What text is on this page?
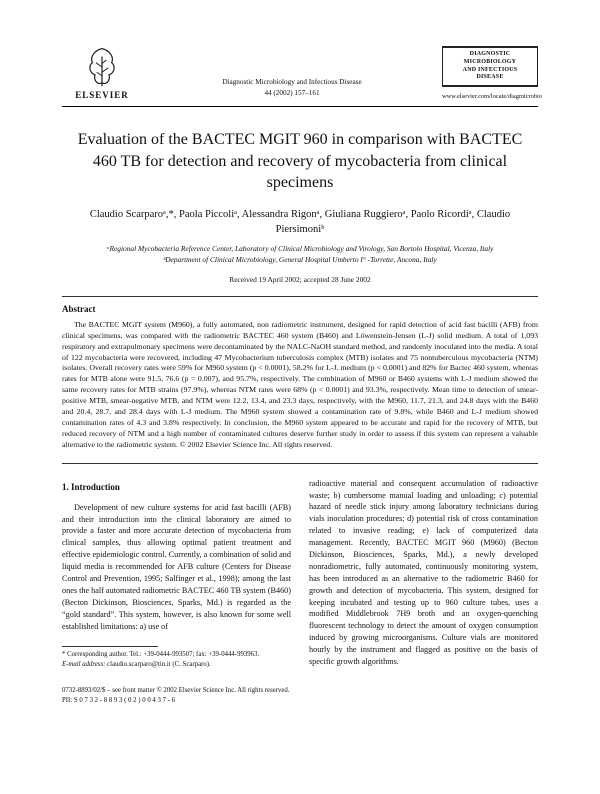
ELSEVIER
Diagnostic Microbiology and Infectious Disease
44 (2002) 157–161
DIAGNOSTIC
MICROBIOLOGY
AND INFECTIOUS
DISEASE
www.elsevier.com/locate/diagmicrobio
Evaluation of the BACTEC MGIT 960 in comparison with BACTEC 460 TB for detection and recovery of mycobacteria from clinical specimens
Claudio Scarparoᵃ,*, Paola Piccoliᵃ, Alessandra Rigonᵃ, Giuliana Ruggieroᵃ, Paolo Ricordiᵃ, Claudio Piersimoniᵇ
ᵃRegional Mycobacteria Reference Center, Laboratory of Clinical Microbiology and Virology, San Bortolo Hospital, Vicenza, Italy
ᵇDepartment of Clinical Microbiology, General Hospital Umberto I° -Torrette, Ancona, Italy
Received 19 April 2002; accepted 28 June 2002
Abstract

The BACTEC MGIT system (M960), a fully automated, non radiometric instrument, designed for rapid detection of acid fast bacilli (AFB) from clinical specimens, was compared with the radiometric BACTEC 460 system (B460) and Löwenstein-Jensen (L-J) solid medium. A total of 1,093 respiratory and extrapulmonary specimens were decontaminated by the NALC-NaOH standard method, and randomly inoculated into the media. A total of 122 mycobacteria were recovered, including 47 Mycobacterium tuberculosis complex (MTB) isolates and 75 nontuberculous mycobacteria (NTM) isolates. Overall recovery rates were 59% for M960 system (p < 0.0001), 58.2% for L-J. medium (p < 0.0001) and 82% for Bactec 460 system, whereas rates for MTB alone were 91.5, 76.6 (p = 0.007), and 95.7%, respectively. The combination of M960 or B460 systems with L-J medium showed the same recovery rates for MTB strains (97.9%), whereas NTM rates were 68% (p < 0.0001) and 93.3%, respectively. Mean time to detection of smear-positive MTB, smear-negative MTB, and NTM were 12.2, 13.4, and 23.3 days, respectively, with the M960, 11.7, 21.3, and 24.8 days with the B460 and 20.4, 28.7, and 28.4 days with L-J medium. The M960 system showed a contamination rate of 9.8%, while B460 and L-J medium showed contamination rates of 4.3 and 3.8% respectively. In conclusion, the M960 system appeared to be accurate and rapid for the recovery of MTB, but reduced recovery of NTM and a high number of contaminated cultures deserve further study in order to assess if this system can represent a valuable alternative to the radiometric system. © 2002 Elsevier Science Inc. All rights reserved.

1. Introduction

Development of new culture systems for acid fast bacilli (AFB) and their introduction into the clinical laboratory are aimed to provide a faster and more accurate detection of mycobacteria from clinical samples, thus allowing optimal patient treatment and effective epidemiologic control. Currently, a combination of solid and liquid media is recommended for AFB culture (Centers for Disease Control and Prevention, 1995; Salfinger et al., 1998); among the last ones the half automated radiometric BACTEC 460 TB system (B460) (Becton Dickinson, Biosciences, Sparks, Md.) is regarded as the “gold standard”. This system, however, is also known for some well established limitations: a) use of

* Corresponding author. Tel.: +39-0444-993507; fax: +39-0444-993963.

E-mail address: claudio.scarparo@tin.it (C. Scarparo).

radioactive material and consequent accumulation of radioactive waste; b) cumbersome manual loading and unloading; c) potential hazard of needle stick injury among laboratory technicians during vials inoculation procedures; d) potential risk of cross contamination related to invasive reading; e) lack of computerized data management. Recently, BACTEC MGIT 960 (M960) (Becton Dickinson, Biosciences, Sparks, Md.), a newly developed nonradiometric, fully automated, continuously monitoring system, has been introduced as an alternative to the radiometric B460 for growth and detection of mycobacteria. This system, designed for keeping incubated and testing up to 960 culture tubes, uses a modified Middlebrook 7H9 broth and an oxygen-quenching fluorescent technology to detect the amount of oxygen consumption induced by growing microorganisms. Culture vials are monitored hourly by the instrument and flagged as positive on the basis of specific growth algorithms.

0732-8893/02/$ – see front matter © 2002 Elsevier Science Inc. All rights reserved.

PII: S 0 7 3 2 - 8 8 9 3 ( 0 2 ) 0 0 4 3 7 - 6
